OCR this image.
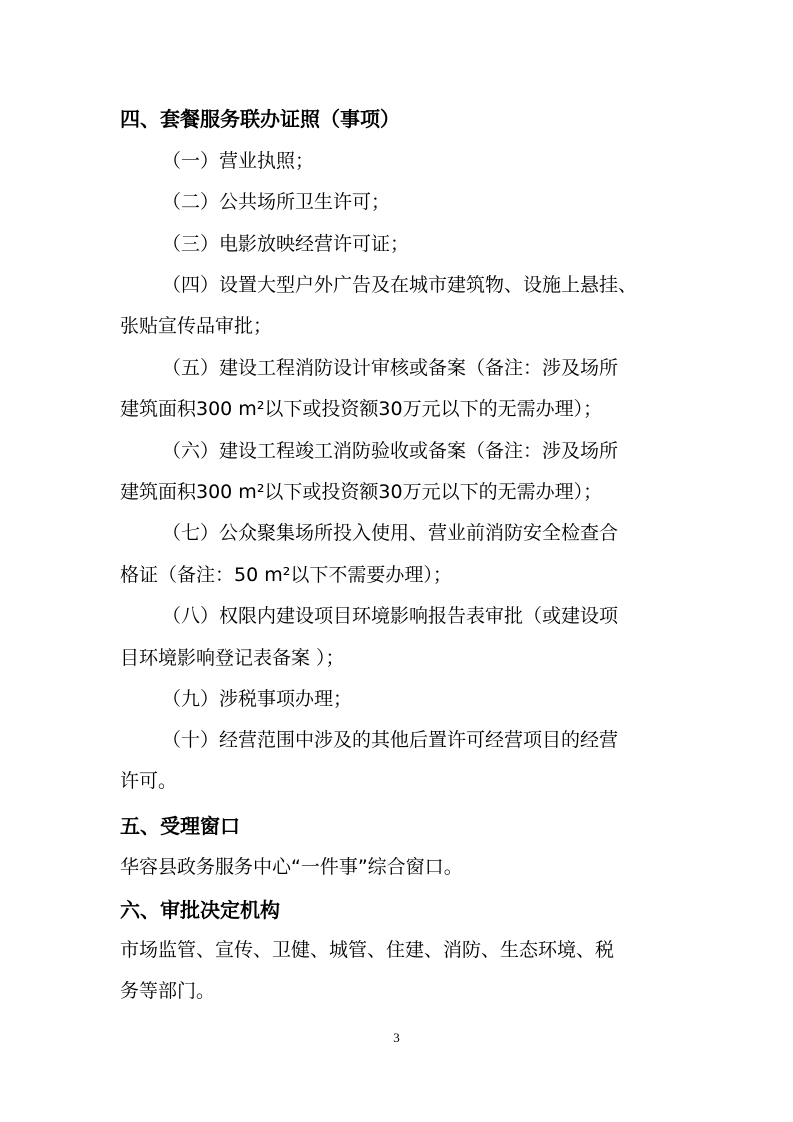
四、套餐服务联办证照（事项）
（一）营业执照；
（二）公共场所卫生许可；
（三）电影放映经营许可证；
（四）设置大型户外广告及在城市建筑物、设施上悬挂、
张贴宣传品审批；
（五）建设工程消防设计审核或备案（备注：涉及场所
建筑面积300 m²以下或投资额30万元以下的无需办理）；
（六）建设工程竣工消防验收或备案（备注：涉及场所
建筑面积300 m²以下或投资额30万元以下的无需办理）；
（七）公众聚集场所投入使用、营业前消防安全检查合
格证（备注：50 m²以下不需要办理）；
（八）权限内建设项目环境影响报告表审批（或建设项
目环境影响登记表备案 ）；
（九）涉税事项办理；
（十）经营范围中涉及的其他后置许可经营项目的经营
许可。
五、受理窗口
华容县政务服务中心“一件事”综合窗口。
六、审批决定机构
市场监管、宣传、卫健、城管、住建、消防、生态环境、税
务等部门。
3
